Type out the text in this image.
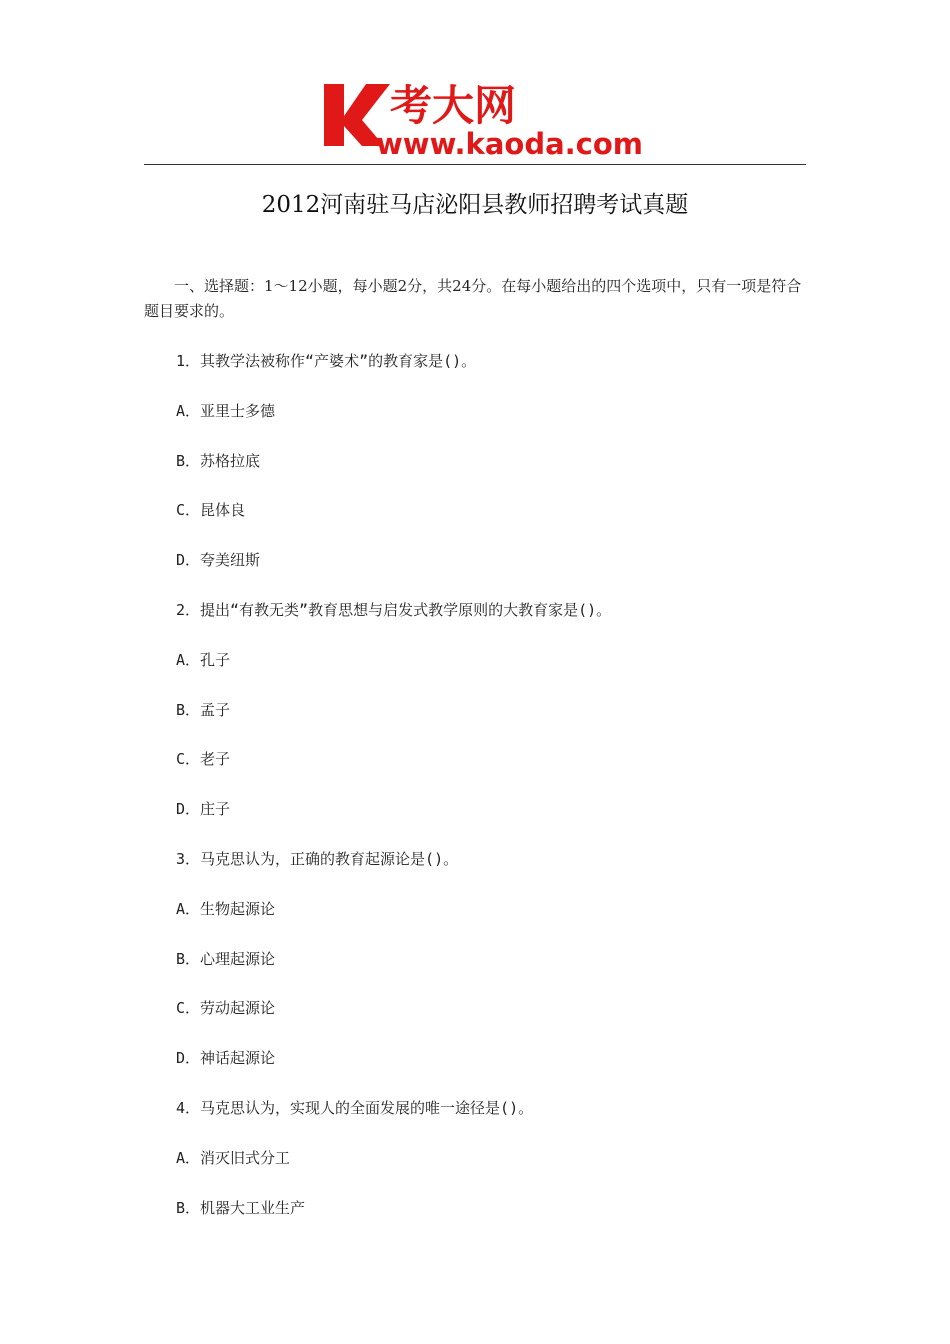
考大网
www.kaoda.com
2012河南驻马店泌阳县教师招聘考试真题
一、选择题：1～12小题，每小题2分，共24分。在每小题给出的四个选项中，只有一项是符合题目要求的。
1．其教学法被称作“产婆术”的教育家是()。
A．亚里士多德
B．苏格拉底
C．昆体良
D．夸美纽斯
2．提出“有教无类”教育思想与启发式教学原则的大教育家是()。
A．孔子
B．孟子
C．老子
D．庄子
3．马克思认为，正确的教育起源论是()。
A．生物起源论
B．心理起源论
C．劳动起源论
D．神话起源论
4．马克思认为，实现人的全面发展的唯一途径是()。
A．消灭旧式分工
B．机器大工业生产
